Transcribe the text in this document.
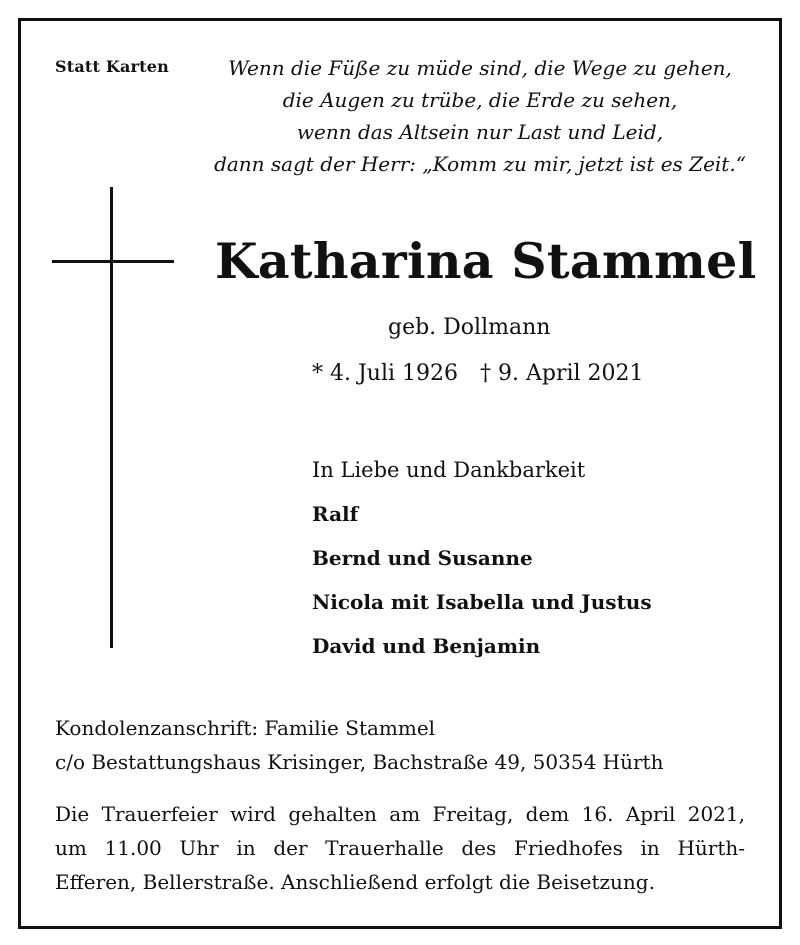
Statt Karten	Wenn die Füße zu müde sind, die Wege zu gehen,
die Augen zu trübe, die Erde zu sehen,
wenn das Altsein nur Last und Leid,
dann sagt der Herr: „Komm zu mir, jetzt ist es Zeit.“
Katharina Stammel
geb. Dollmann
* 4. Juli 1926 † 9. April 2021
In Liebe und Dankbarkeit
Ralf
Bernd und Susanne
Nicola mit Isabella und Justus
David und Benjamin
Kondolenzanschrift: Familie Stammel
c/o Bestattungshaus Krisinger, Bachstraße 49, 50354 Hürth
Die Trauerfeier wird gehalten am Freitag, dem 16. April 2021,
um 11.00 Uhr in der Trauerhalle des Friedhofes in Hürth-
Efferen, Bellerstraße. Anschließend erfolgt die Beisetzung.
